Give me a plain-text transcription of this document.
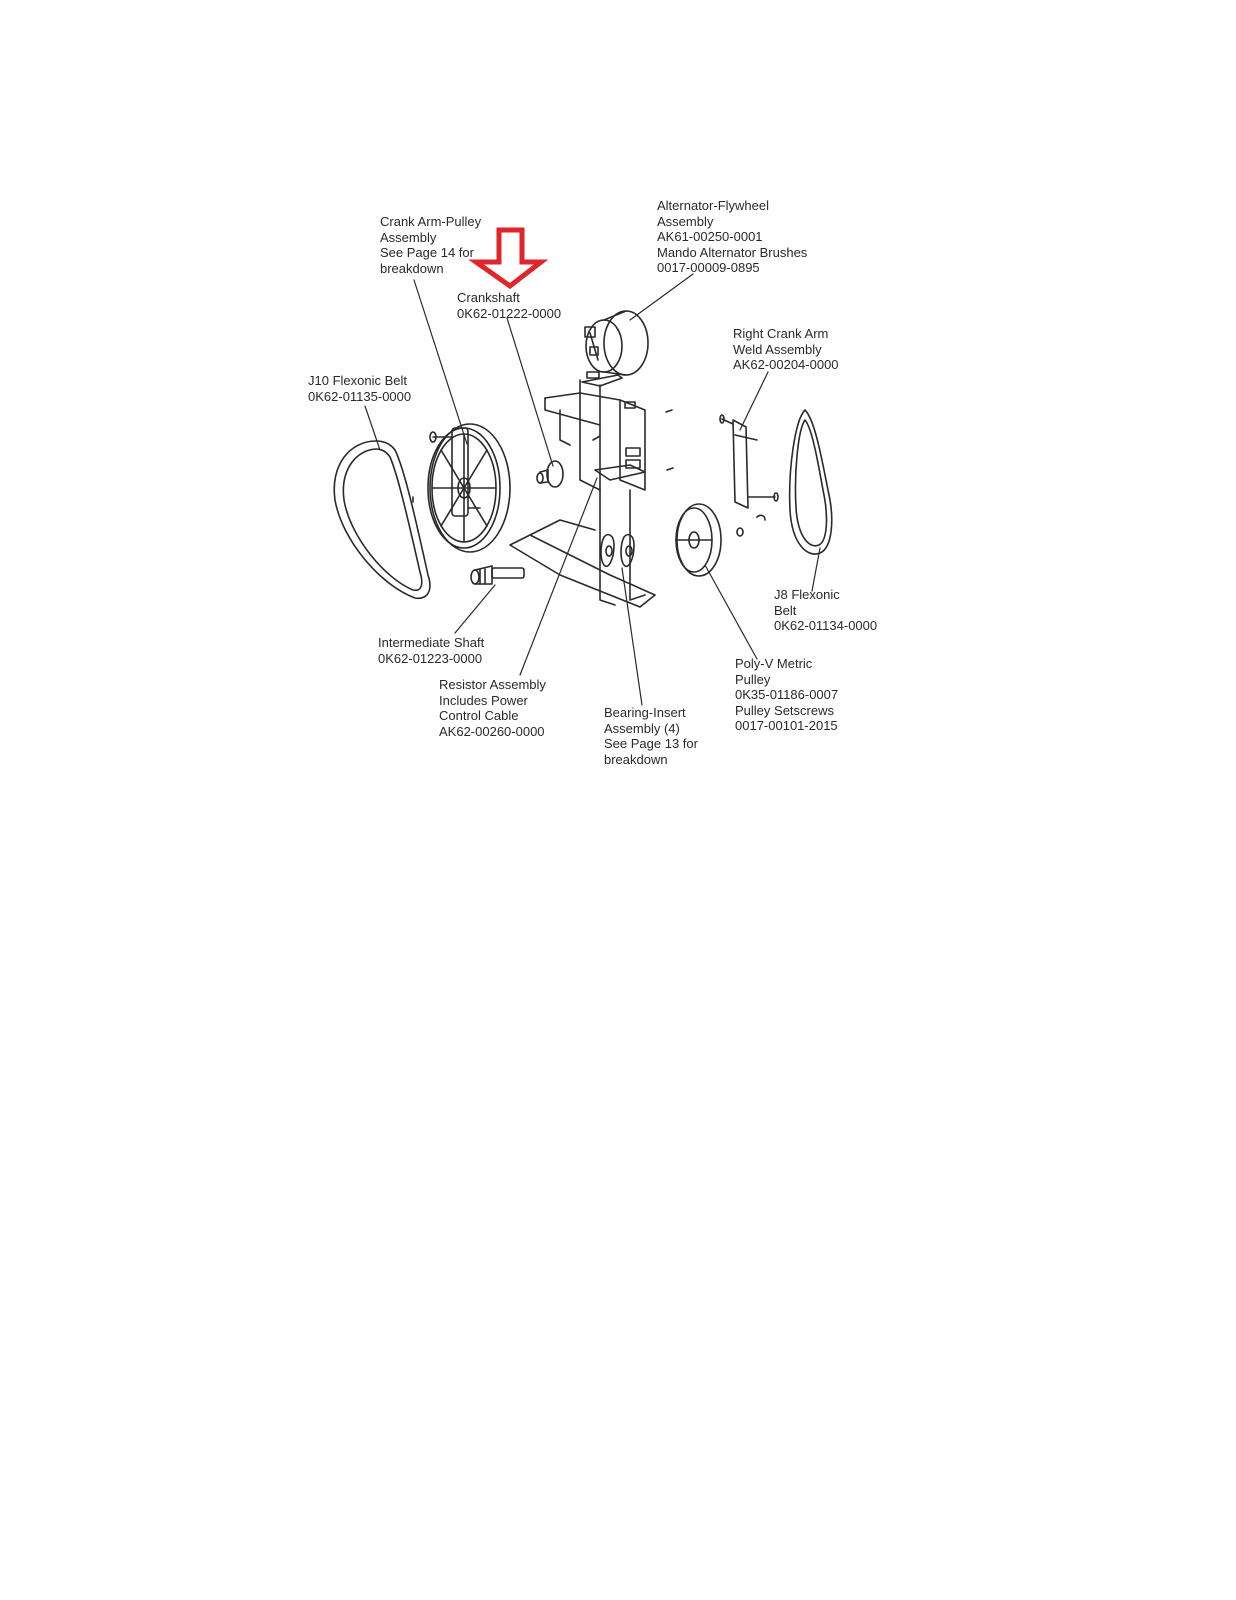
Crank Arm-Pulley
Assembly
See Page 14 for
breakdown
Crankshaft
0K62-01222-0000
Alternator-Flywheel
Assembly
AK61-00250-0001
Mando Alternator Brushes
0017-00009-0895
Right Crank Arm
Weld Assembly
AK62-00204-0000
J10 Flexonic Belt
0K62-01135-0000
J8 Flexonic
Belt
0K62-01134-0000
Intermediate Shaft
0K62-01223-0000	Poly-V Metric
Pulley
0K35-01186-0007
Pulley Setscrews
0017-00101-2015
Resistor Assembly
Includes Power
Control Cable
AK62-00260-0000
Bearing-Insert
Assembly (4)
See Page 13 for
breakdown
